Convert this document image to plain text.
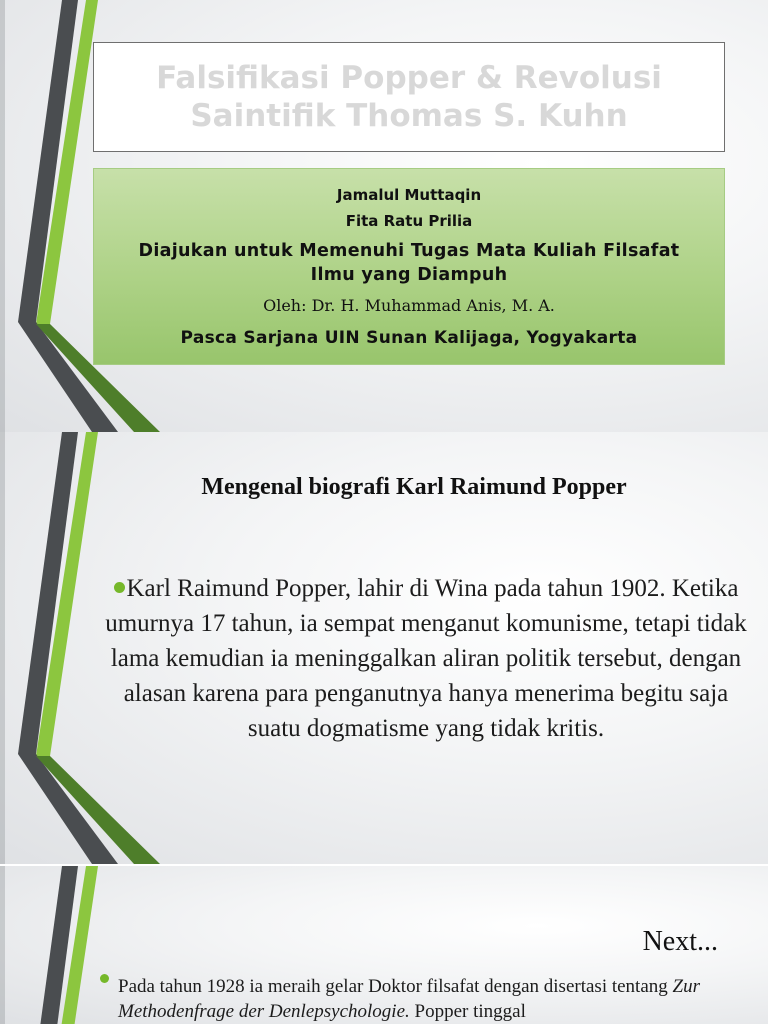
Falsifikasi Popper & Revolusi
Saintifik Thomas S. Kuhn
Jamalul Muttaqin
Fita Ratu Prilia
Diajukan untuk Memenuhi Tugas Mata Kuliah Filsafat Ilmu yang Diampuh
Oleh: Dr. H. Muhammad Anis, M. A.
Pasca Sarjana UIN Sunan Kalijaga, Yogyakarta
Mengenal biografi Karl Raimund Popper
Karl Raimund Popper, lahir di Wina pada tahun 1902. Ketika umurnya 17 tahun, ia sempat menganut komunisme, tetapi tidak lama kemudian ia meninggalkan aliran politik tersebut, dengan alasan karena para penganutnya hanya menerima begitu saja suatu dogmatisme yang tidak kritis.
Next...
Pada tahun 1928 ia meraih gelar Doktor filsafat dengan disertasi tentang Zur Methodenfrage der Denlepsychologie. Popper tinggal
